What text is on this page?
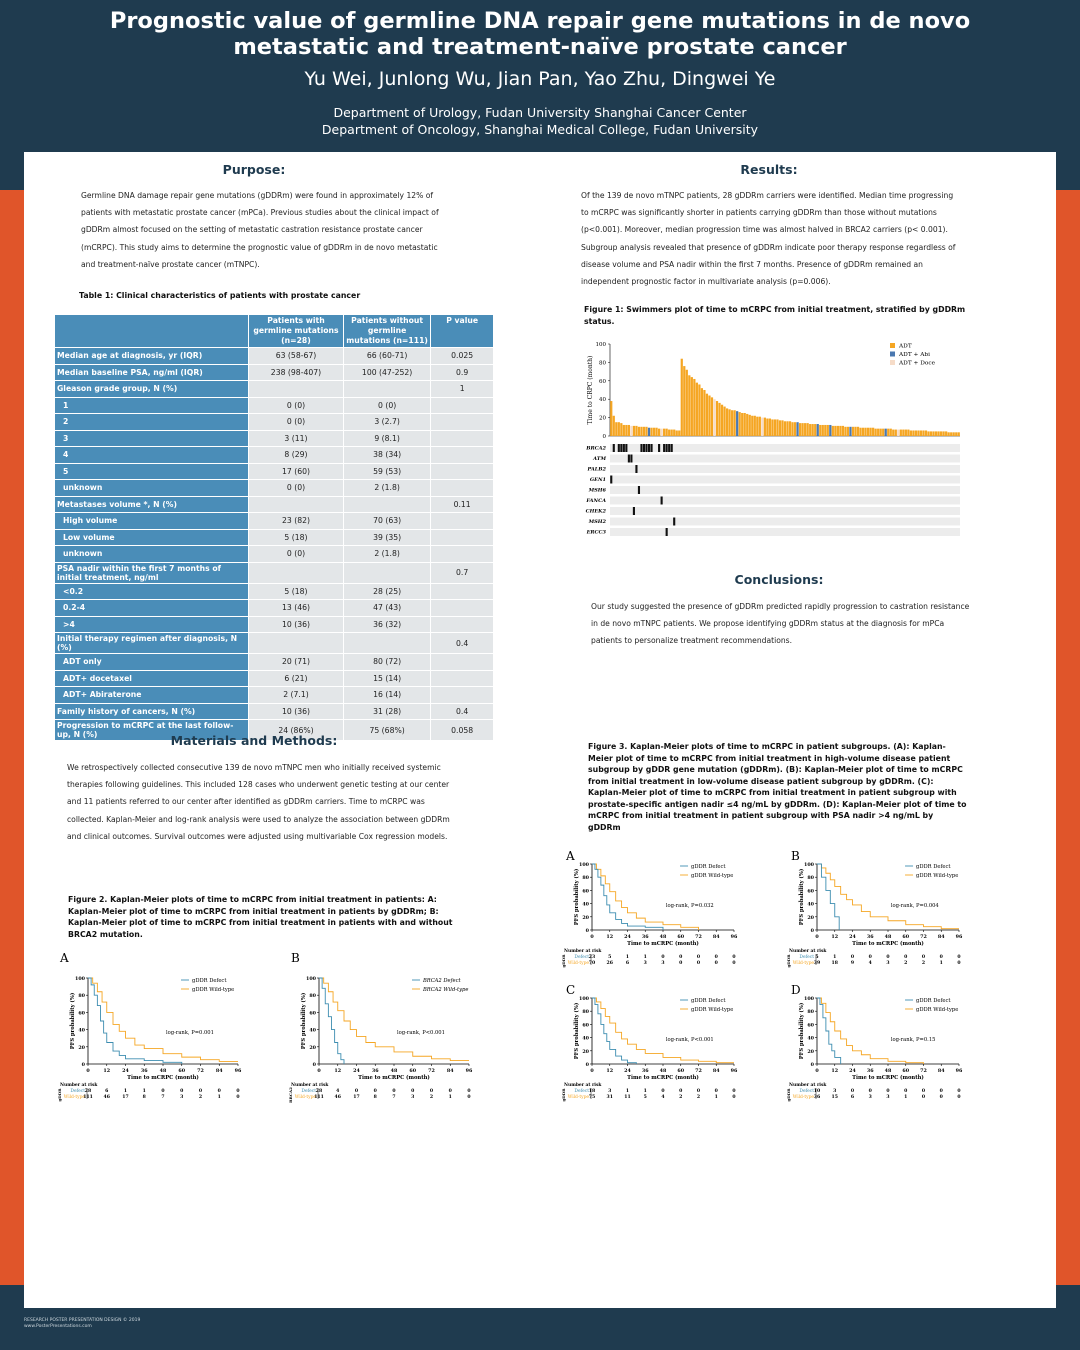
Prognostic value of germline DNA repair gene mutations in de novo
metastatic and treatment-naïve prostate cancer
Yu Wei, Junlong Wu, Jian Pan, Yao Zhu, Dingwei Ye
Department of Urology, Fudan University Shanghai Cancer Center
Department of Oncology, Shanghai Medical College, Fudan University
Purpose:

Germline DNA damage repair gene mutations (gDDRm) were found in approximately 12% of patients with metastatic prostate cancer (mPCa). Previous studies about the clinical impact of gDDRm almost focused on the setting of metastatic castration resistance prostate cancer (mCRPC). This study aims to determine the prognostic value of gDDRm in de novo metastatic and treatment-naïve prostate cancer (mTNPC).

Table 1: Clinical characteristics of patients with prostate cancer

	Patients with germline mutations (n=28)	Patients without germline mutations (n=111)	P value
Median age at diagnosis, yr (IQR)	63 (58-67)	66 (60-71)	0.025
Median baseline PSA, ng/ml (IQR)	238 (98-407)	100 (47-252)	0.9
Gleason grade group, N (%)			1
1	0 (0)	0 (0)	
2	0 (0)	3 (2.7)	
3	3 (11)	9 (8.1)	
4	8 (29)	38 (34)	
5	17 (60)	59 (53)	
unknown	0 (0)	2 (1.8)	
Metastases volume *, N (%)			0.11
High volume	23 (82)	70 (63)	
Low volume	5 (18)	39 (35)	
unknown	0 (0)	2 (1.8)	
PSA nadir within the first 7 months of initial treatment, ng/ml			0.7
<0.2	5 (18)	28 (25)	
0.2-4	13 (46)	47 (43)	
>4	10 (36)	36 (32)	
Initial therapy regimen after diagnosis, N (%)			0.4
ADT only	20 (71)	80 (72)	
ADT+ docetaxel	6 (21)	15 (14)	
ADT+ Abiraterone	2 (7.1)	16 (14)	
Family history of cancers, N (%)	10 (36)	31 (28)	0.4
Progression to mCRPC at the last follow-up, N (%)	24 (86%)	75 (68%)	0.058
Materials and Methods:

We retrospectively collected consecutive 139 de novo mTNPC men who initially received systemic therapies following guidelines. This included 128 cases who underwent genetic testing at our center and 11 patients referred to our center after identified as gDDRm carriers. Time to mCRPC was collected. Kaplan-Meier and log-rank analysis were used to analyze the association between gDDRm and clinical outcomes. Survival outcomes were adjusted using multivariable Cox regression models.

Figure 2. Kaplan-Meier plots of time to mCRPC from initial treatment in patients: A: Kaplan-Meier plot of time to mCRPC from initial treatment in patients by gDDRm; B: Kaplan-Meier plot of time to mCRPC from initial treatment in patients with and without BRCA2 mutation.

A
0
20
40
60
80
100
0	12	24	36	48	60	72	84	96
Time to mCRPC (month)
PFS probability (%)
gDDR Defect
gDDR Wild-type
log-rank, P=0.001
Number at risk
gDDR Defect
Wild-type
28
111
6
46
1
17
1
8
0
7
0
3
0
2
0
1
0
0
B
0
20
40
60
80
100
0	12	24	36	48	60	72	84	96
Time to mCRPC (month)
PFS probability (%)
BRCA2 Defect
BRCA2 Wild-type
log-rank, P<0.001
Number at risk
BRCA2 Defect
Wild-type
28
111
4
46
0
17
0
8
0
7
0
3
0
2
0
1
0
0
Results:

Of the 139 de novo mTNPC patients, 28 gDDRm carriers were identified. Median time progressing to mCRPC was significantly shorter in patients carrying gDDRm than those without mutations (p<0.001). Moreover, median progression time was almost halved in BRCA2 carriers (p< 0.001). Subgroup analysis revealed that presence of gDDRm indicate poor therapy response regardless of disease volume and PSA nadir within the first 7 months. Presence of gDDRm remained an independent prognostic factor in multivariate analysis (p=0.006).

Figure 1: Swimmers plot of time to mCRPC from initial treatment, stratified by gDDRm status.

0
20
40
60
80
100
Time to CRPC (month)
ADT
ADT + Abi
ADT + Doce
BRCA2
ATM
PALB2
GEN1
MSH6
FANCA
CHEK2
MSH2
ERCC3
Conclusions:

Our study suggested the presence of gDDRm predicted rapidly progression to castration resistance in de novo mTNPC patients. We propose identifying gDDRm status at the diagnosis for mPCa patients to personalize treatment recommendations.

Figure 3. Kaplan-Meier plots of time to mCRPC in patient subgroups. (A): Kaplan-Meier plot of time to mCRPC from initial treatment in high-volume disease patient subgroup by gDDR gene mutation (gDDRm). (B): Kaplan-Meier plot of time to mCRPC from initial treatment in low-volume disease patient subgroup by gDDRm. (C): Kaplan-Meier plot of time to mCRPC from initial treatment in patient subgroup with prostate-specific antigen nadir ≤4 ng/mL by gDDRm. (D): Kaplan-Meier plot of time to mCRPC from initial treatment in patient subgroup with PSA nadir >4 ng/mL by gDDRm

A
0
20
40
60
80
100
0	12 24 36 48 60 72 84 96
Time to mCRPC (month)
PFS probability (%)
gDDR Defect
gDDR Wild-type
log-rank, P=0.032
Number at risk
gDDR Defect
Wild-type
23
70
5
26
1
6
1
3
0
3
0
0
0
0
0
0
0
0
B
0
20
40
60
80
100
0	12 24 36 48 60 72 84 96
Time to mCRPC (month)
PFS probability (%)
gDDR Defect
gDDR Wild-type
log-rank, P=0.004
Number at risk
gDDR Defect
Wild-type
5
39
1
18
0
9
0
4
0
3
0
2
0
2
0
1
0
0
C
0
20
40
60
80
100
0	12 24 36 48 60 72 84 96
Time to mCRPC (month)
PFS probability (%)
gDDR Defect
gDDR Wild-type
log-rank, P<0.001
Number at risk
gDDR Defect
Wild-type
18
75
3
31
1
11
1
5
0
4
0
2
0
2
0
1
0
0
D
0
20
40
60
80
100
0	12 24 36 48 60 72 84 96
Time to mCRPC (month)
PFS probability (%)
gDDR Defect
gDDR Wild-type
log-rank, P=0.15
Number at risk
gDDR Defect
Wild-type
10
36
3
15
0
6
0
3
0
3
0
1
0
0
0
0
0
0
RESEARCH POSTER PRESENTATION DESIGN © 2019
www.PosterPresentations.com
